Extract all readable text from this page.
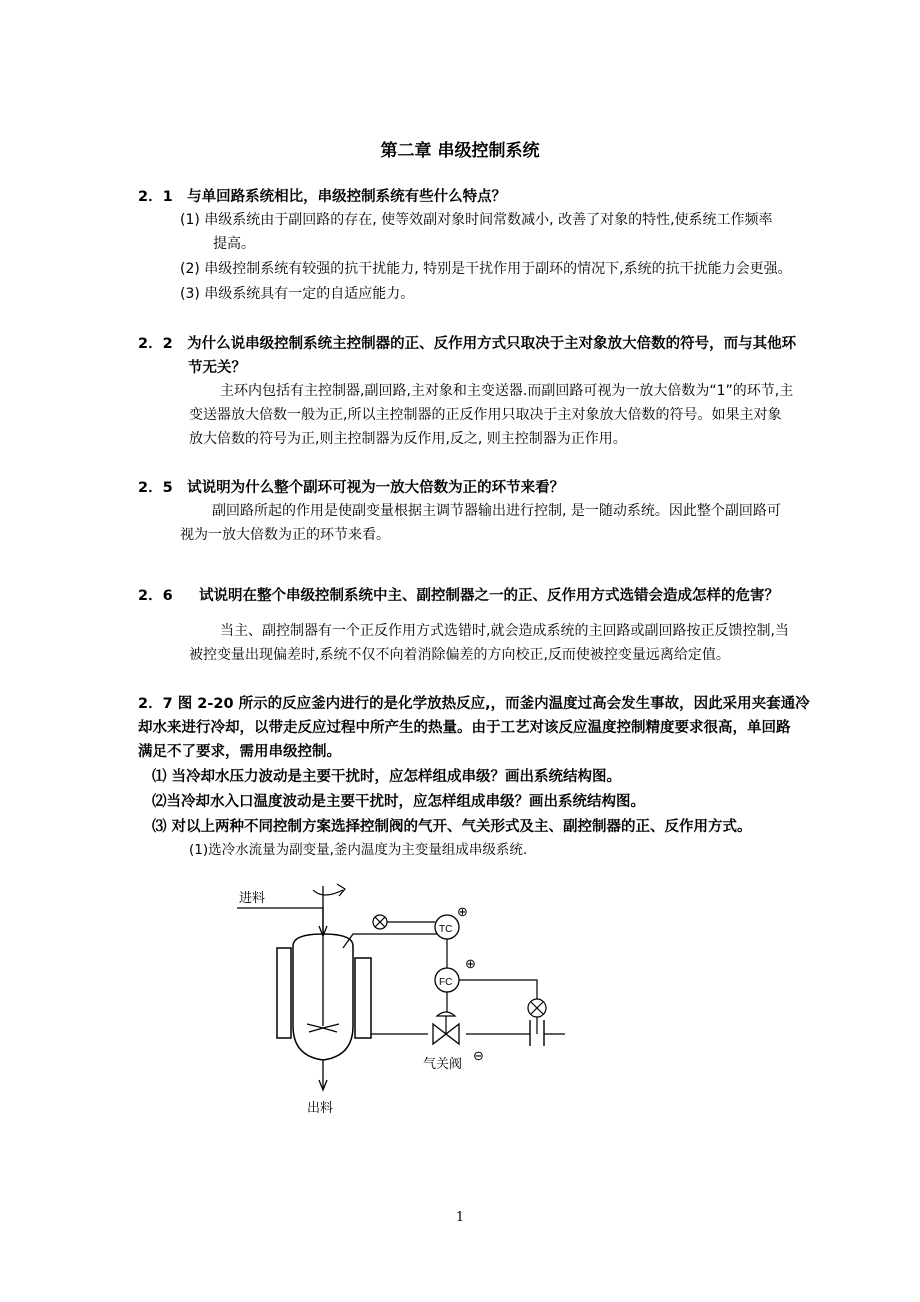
第二章 串级控制系统
2．1　与单回路系统相比，串级控制系统有些什么特点？
(1) 串级系统由于副回路的存在, 使等效副对象时间常数减小, 改善了对象的特性,使系统工作频率
提高。
(2) 串级控制系统有较强的抗干扰能力, 特别是干扰作用于副环的情况下,系统的抗干扰能力会更强。
(3) 串级系统具有一定的自适应能力。
2．2　为什么说串级控制系统主控制器的正、反作用方式只取决于主对象放大倍数的符号，而与其他环
节无关？
主环内包括有主控制器,副回路,主对象和主变送器.而副回路可视为一放大倍数为“1”的环节,主
变送器放大倍数一般为正,所以主控制器的正反作用只取决于主对象放大倍数的符号。如果主对象
放大倍数的符号为正,则主控制器为反作用,反之, 则主控制器为正作用。
2．5　试说明为什么整个副环可视为一放大倍数为正的环节来看？
副回路所起的作用是使副变量根据主调节器输出进行控制, 是一随动系统。因此整个副回路可
视为一放大倍数为正的环节来看。
2．6 试说明在整个串级控制系统中主、副控制器之一的正、反作用方式选错会造成怎样的危害？
当主、副控制器有一个正反作用方式选错时,就会造成系统的主回路或副回路按正反馈控制,当
被控变量出现偏差时,系统不仅不向着消除偏差的方向校正,反而使被控变量远离给定值。
2．7 图 2-20 所示的反应釜内进行的是化学放热反应,，而釜内温度过高会发生事故，因此采用夹套通冷
却水来进行冷却，以带走反应过程中所产生的热量。由于工艺对该反应温度控制精度要求很高，单回路
满足不了要求，需用串级控制。
⑴ 当冷却水压力波动是主要干扰时，应怎样组成串级？画出系统结构图。
⑵当冷却水入口温度波动是主要干扰时，应怎样组成串级？画出系统结构图。
⑶ 对以上两种不同控制方案选择控制阀的气开、气关形式及主、副控制器的正、反作用方式。
(1)选冷水流量为副变量,釜内温度为主变量组成串级系统.
进料
出料
TC
⊕
FC
⊕
气关阀
⊖
1
